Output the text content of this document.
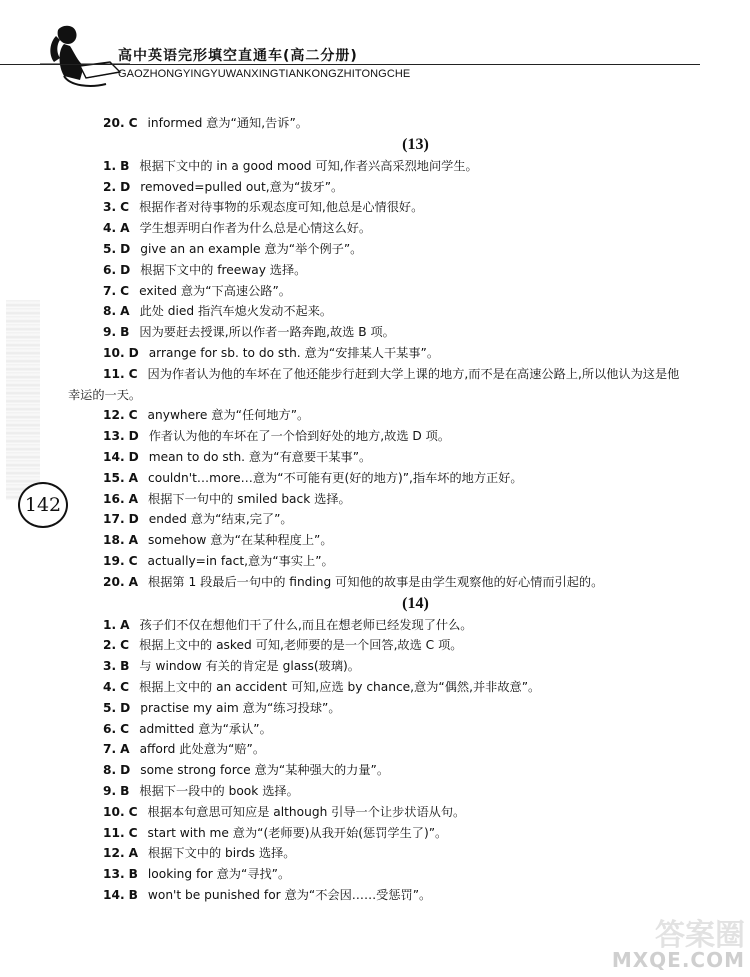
高中英语完形填空直通车(高二分册)
GAOZHONGYINGYUWANXINGTIANKONGZHITONGCHE
142
20. C informed 意为“通知,告诉”。
(13)
1. B 根据下文中的 in a good mood 可知,作者兴高采烈地问学生。
2. D removed=pulled out,意为“拔牙”。
3. C 根据作者对待事物的乐观态度可知,他总是心情很好。
4. A 学生想弄明白作者为什么总是心情这么好。
5. D give an an example 意为“举个例子”。
6. D 根据下文中的 freeway 选择。
7. C exited 意为“下高速公路”。
8. A 此处 died 指汽车熄火发动不起来。
9. B 因为要赶去授课,所以作者一路奔跑,故选 B 项。
10. D arrange for sb. to do sth. 意为“安排某人干某事”。
11. C 因为作者认为他的车坏在了他还能步行赶到大学上课的地方,而不是在高速公路上,所以他认为这是他幸运的一天。
12. C anywhere 意为“任何地方”。
13. D 作者认为他的车坏在了一个恰到好处的地方,故选 D 项。
14. D mean to do sth. 意为“有意要干某事”。
15. A couldn't…more…意为“不可能有更(好的地方)”,指车坏的地方正好。
16. A 根据下一句中的 smiled back 选择。
17. D ended 意为“结束,完了”。
18. A somehow 意为“在某种程度上”。
19. C actually=in fact,意为“事实上”。
20. A 根据第 1 段最后一句中的 finding 可知他的故事是由学生观察他的好心情而引起的。
(14)
1. A 孩子们不仅在想他们干了什么,而且在想老师已经发现了什么。
2. C 根据上文中的 asked 可知,老师要的是一个回答,故选 C 项。
3. B 与 window 有关的肯定是 glass(玻璃)。
4. C 根据上文中的 an accident 可知,应选 by chance,意为“偶然,并非故意”。
5. D practise my aim 意为“练习投球”。
6. C admitted 意为“承认”。
7. A afford 此处意为“赔”。
8. D some strong force 意为“某种强大的力量”。
9. B 根据下一段中的 book 选择。
10. C 根据本句意思可知应是 although 引导一个让步状语从句。
11. C start with me 意为“(老师要)从我开始(惩罚学生了)”。
12. A 根据下文中的 birds 选择。
13. B looking for 意为“寻找”。
14. B won't be punished for 意为“不会因……受惩罚”。
答案圈
MXQE.COM
